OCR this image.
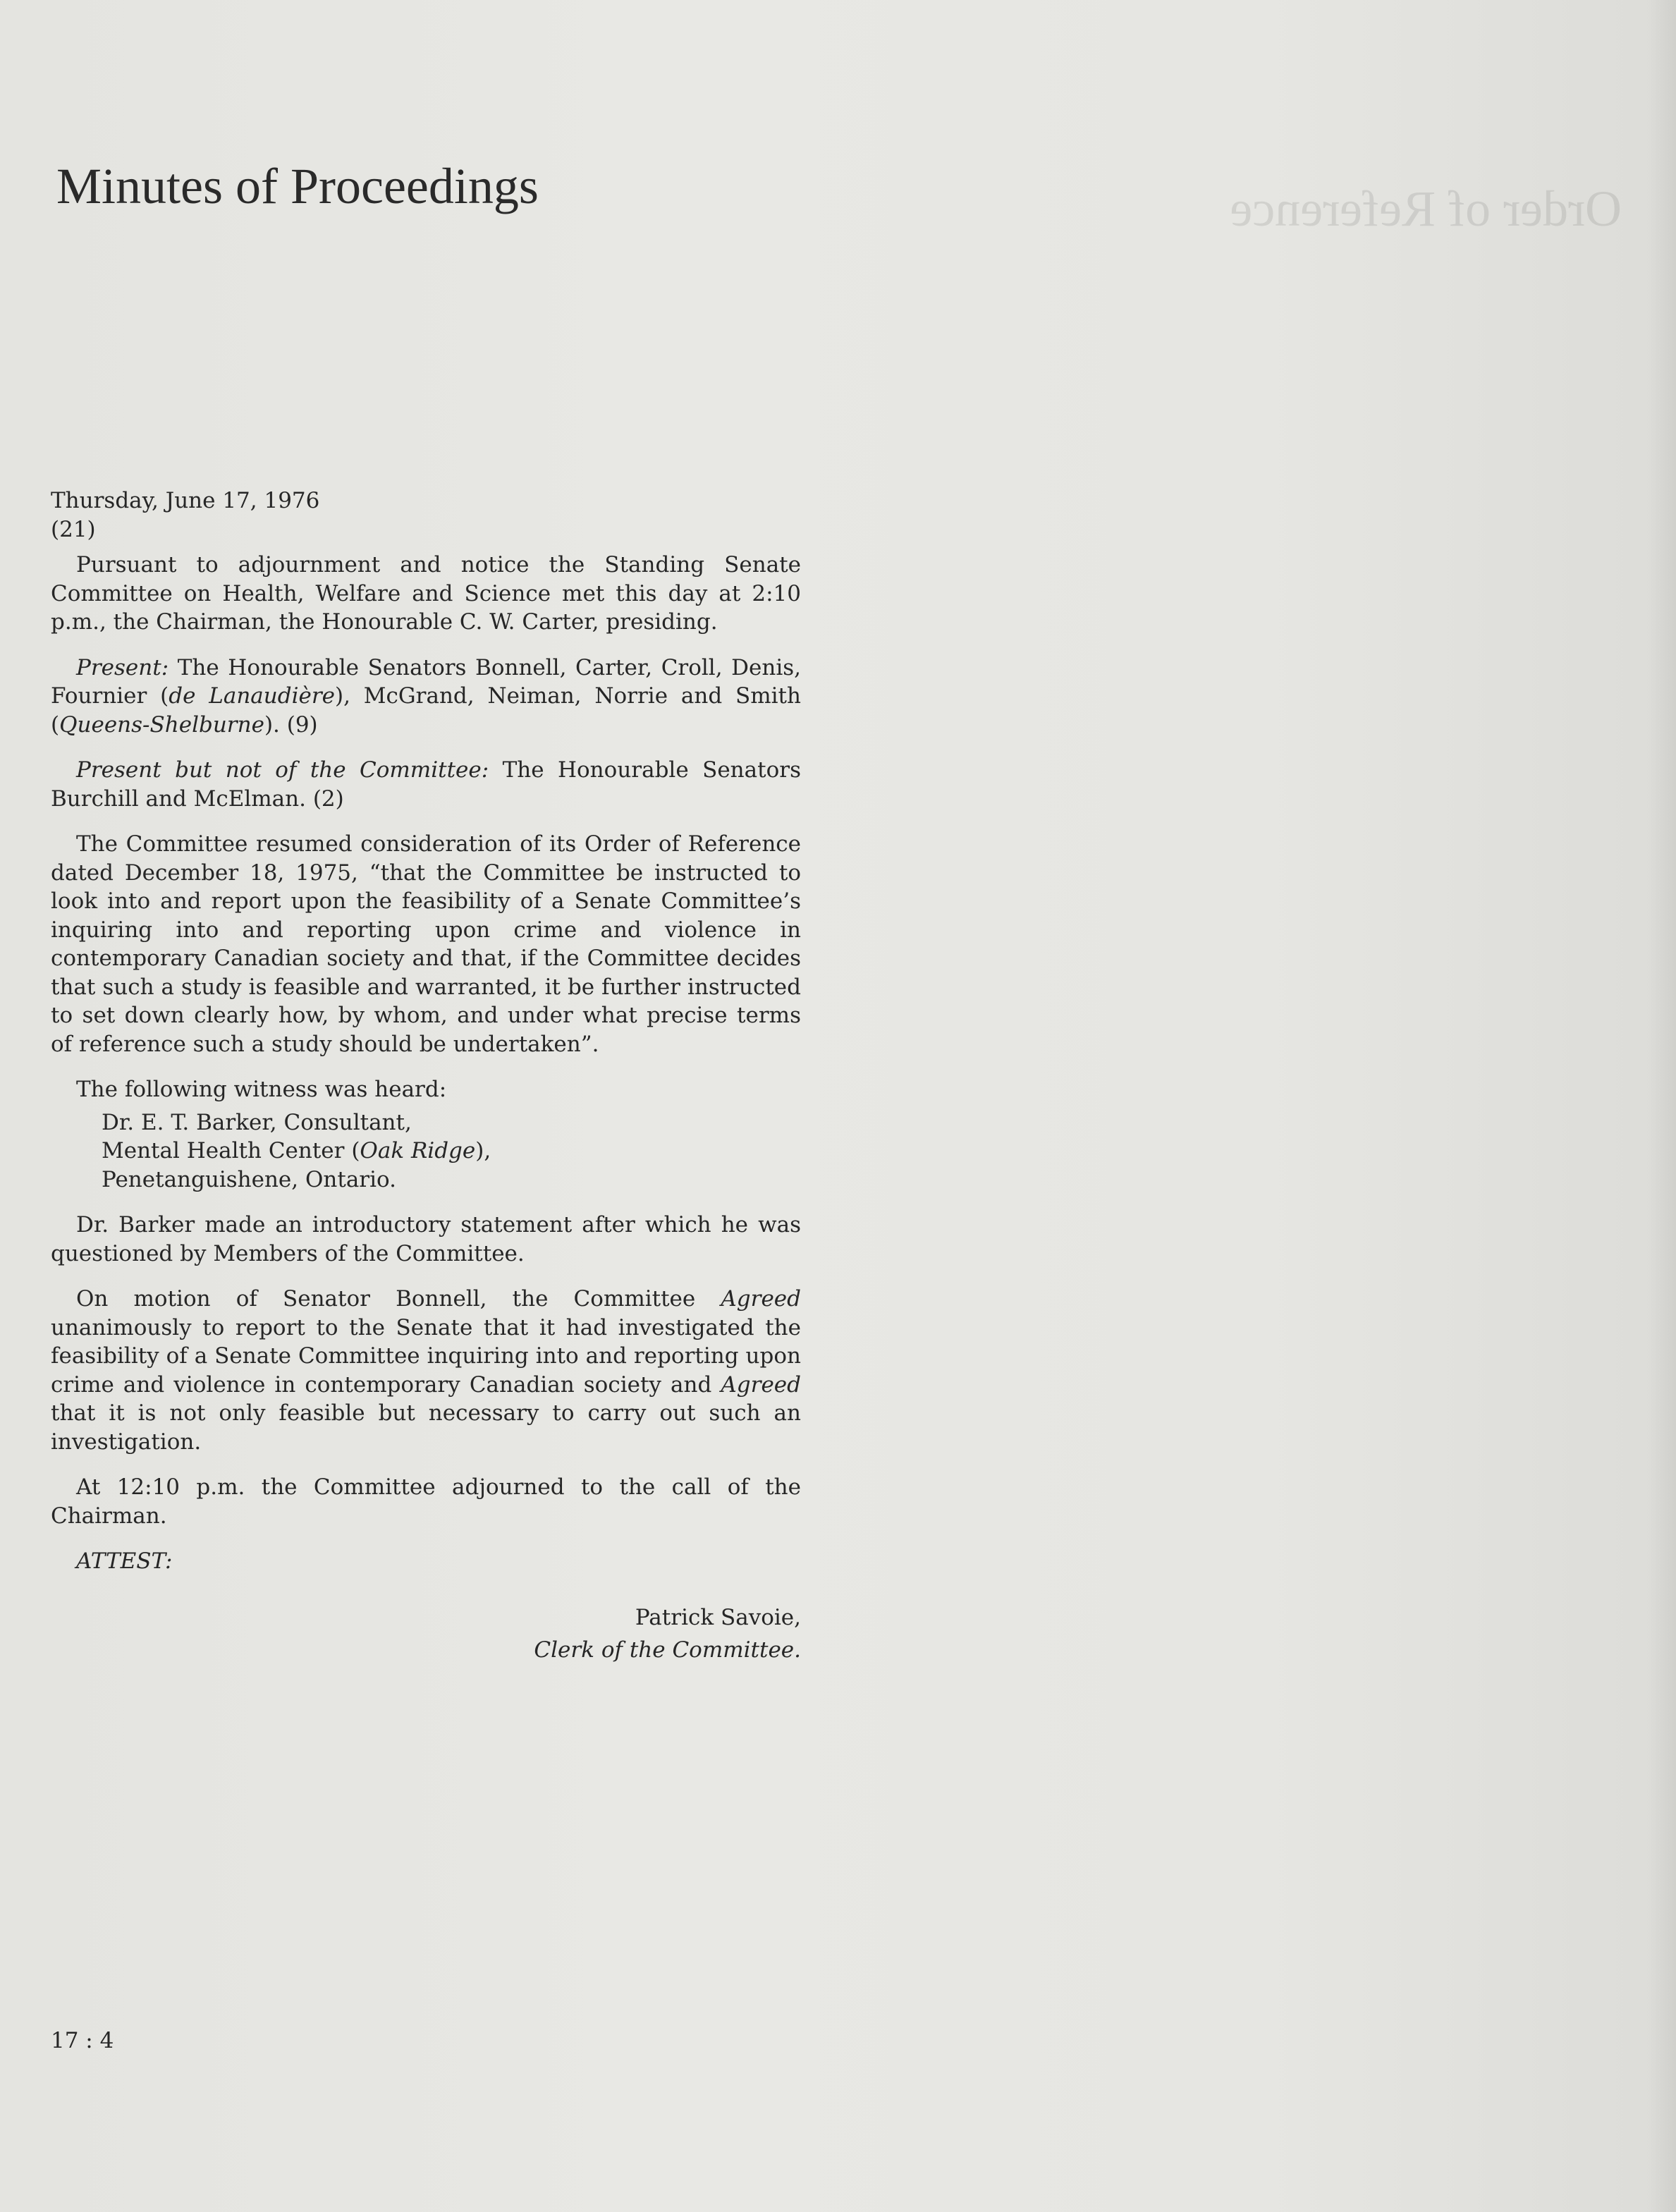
Minutes of Proceedings
Thursday, June 17, 1976
(21)

Pursuant to adjournment and notice the Standing Senate Committee on Health, Welfare and Science met this day at 2:10 p.m., the Chairman, the Honourable C. W. Carter, presiding.

Present: The Honourable Senators Bonnell, Carter, Croll, Denis, Fournier (de Lanaudière), McGrand, Neiman, Norrie and Smith (Queens-Shelburne). (9)

Present but not of the Committee: The Honourable Senators Burchill and McElman. (2)

The Committee resumed consideration of its Order of Reference dated December 18, 1975, “that the Committee be instructed to look into and report upon the feasibility of a Senate Committee’s inquiring into and reporting upon crime and violence in contemporary Canadian society and that, if the Committee decides that such a study is feasible and warranted, it be further instructed to set down clearly how, by whom, and under what precise terms of reference such a study should be undertaken”.

The following witness was heard:

Dr. E. T. Barker, Consultant,
Mental Health Center (Oak Ridge),
Penetanguishene, Ontario.

Dr. Barker made an introductory statement after which he was questioned by Members of the Committee.

On motion of Senator Bonnell, the Committee Agreed unanimously to report to the Senate that it had investigated the feasibility of a Senate Committee inquiring into and reporting upon crime and violence in contemporary Canadian society and Agreed that it is not only feasible but necessary to carry out such an investigation.

At 12:10 p.m. the Committee adjourned to the call of the Chairman.

ATTEST:
Patrick Savoie,
Clerk of the Committee.
17 : 4
